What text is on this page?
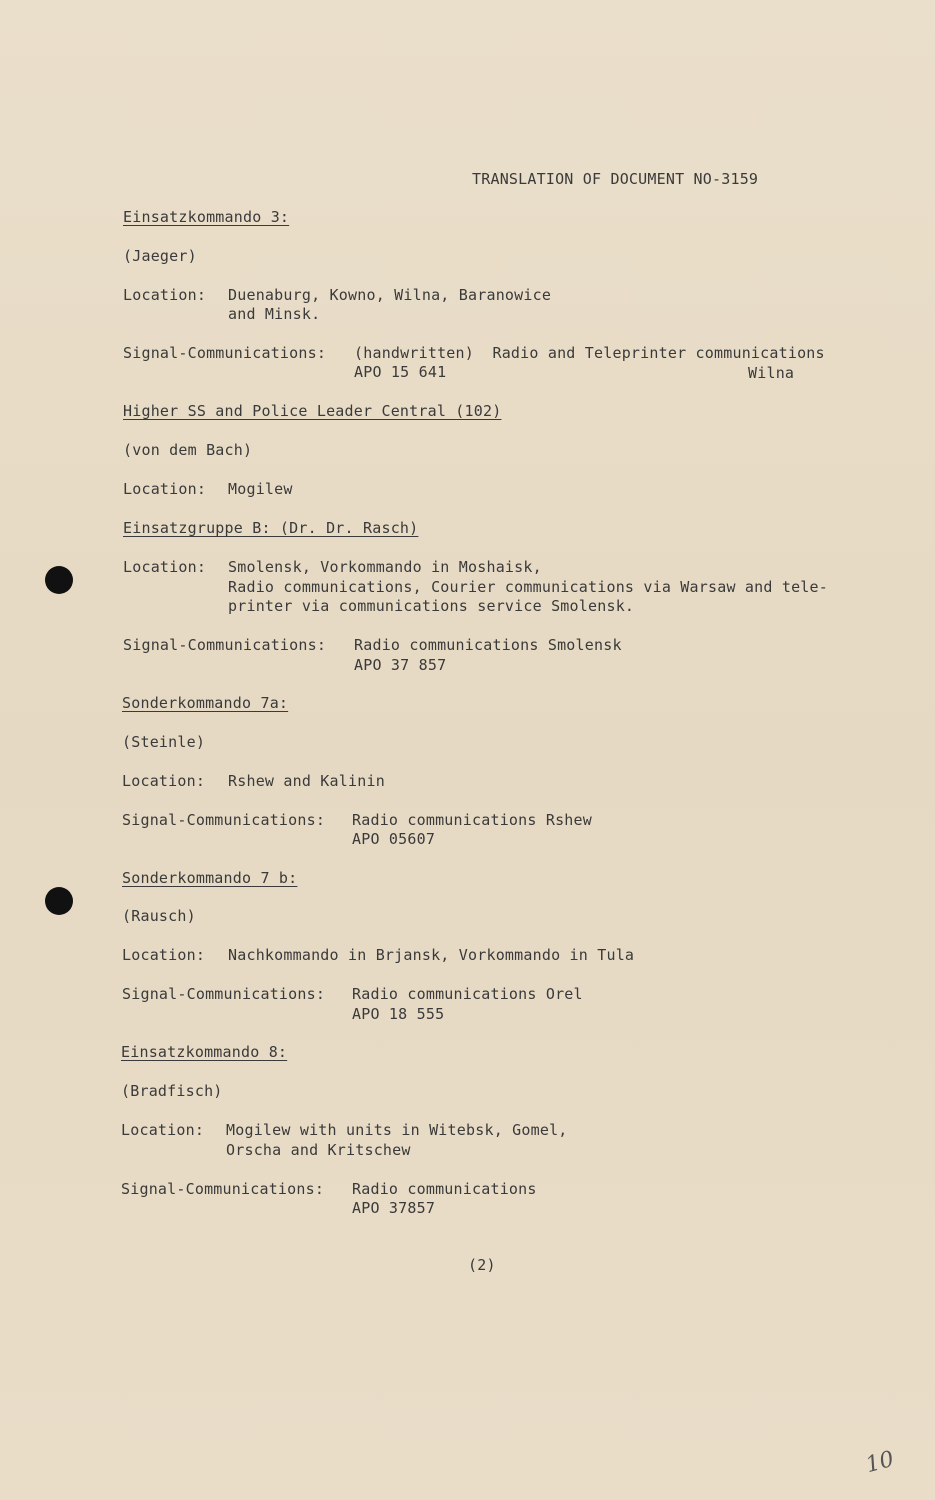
TRANSLATION OF DOCUMENT NO-3159
Einsatzkommando 3:
(Jaeger)
Location: Duenaburg, Kowno, Wilna, Baranowice
and Minsk.
Signal-Communications: (handwritten)  Radio and Teleprinter communications
APO 15 641	Wilna
Higher SS and Police Leader Central (102)
(von dem Bach)
Location: Mogilew
Einsatzgruppe B: (Dr. Dr. Rasch)
Location: Smolensk, Vorkommando in Moshaisk,
Radio communications, Courier communications via Warsaw and tele-
printer via communications service Smolensk.
Signal-Communications: Radio communications Smolensk
APO 37 857
Sonderkommando 7a:
(Steinle)
Location: Rshew and Kalinin
Signal-Communications: Radio communications Rshew
APO 05607
Sonderkommando 7 b:
(Rausch)
Location: Nachkommando in Brjansk, Vorkommando in Tula
Signal-Communications: Radio communications Orel
APO 18 555
Einsatzkommando 8:
(Bradfisch)
Location: Mogilew with units in Witebsk, Gomel,
Orscha and Kritschew
Signal-Communications: Radio communications
APO 37857
(2)
10
